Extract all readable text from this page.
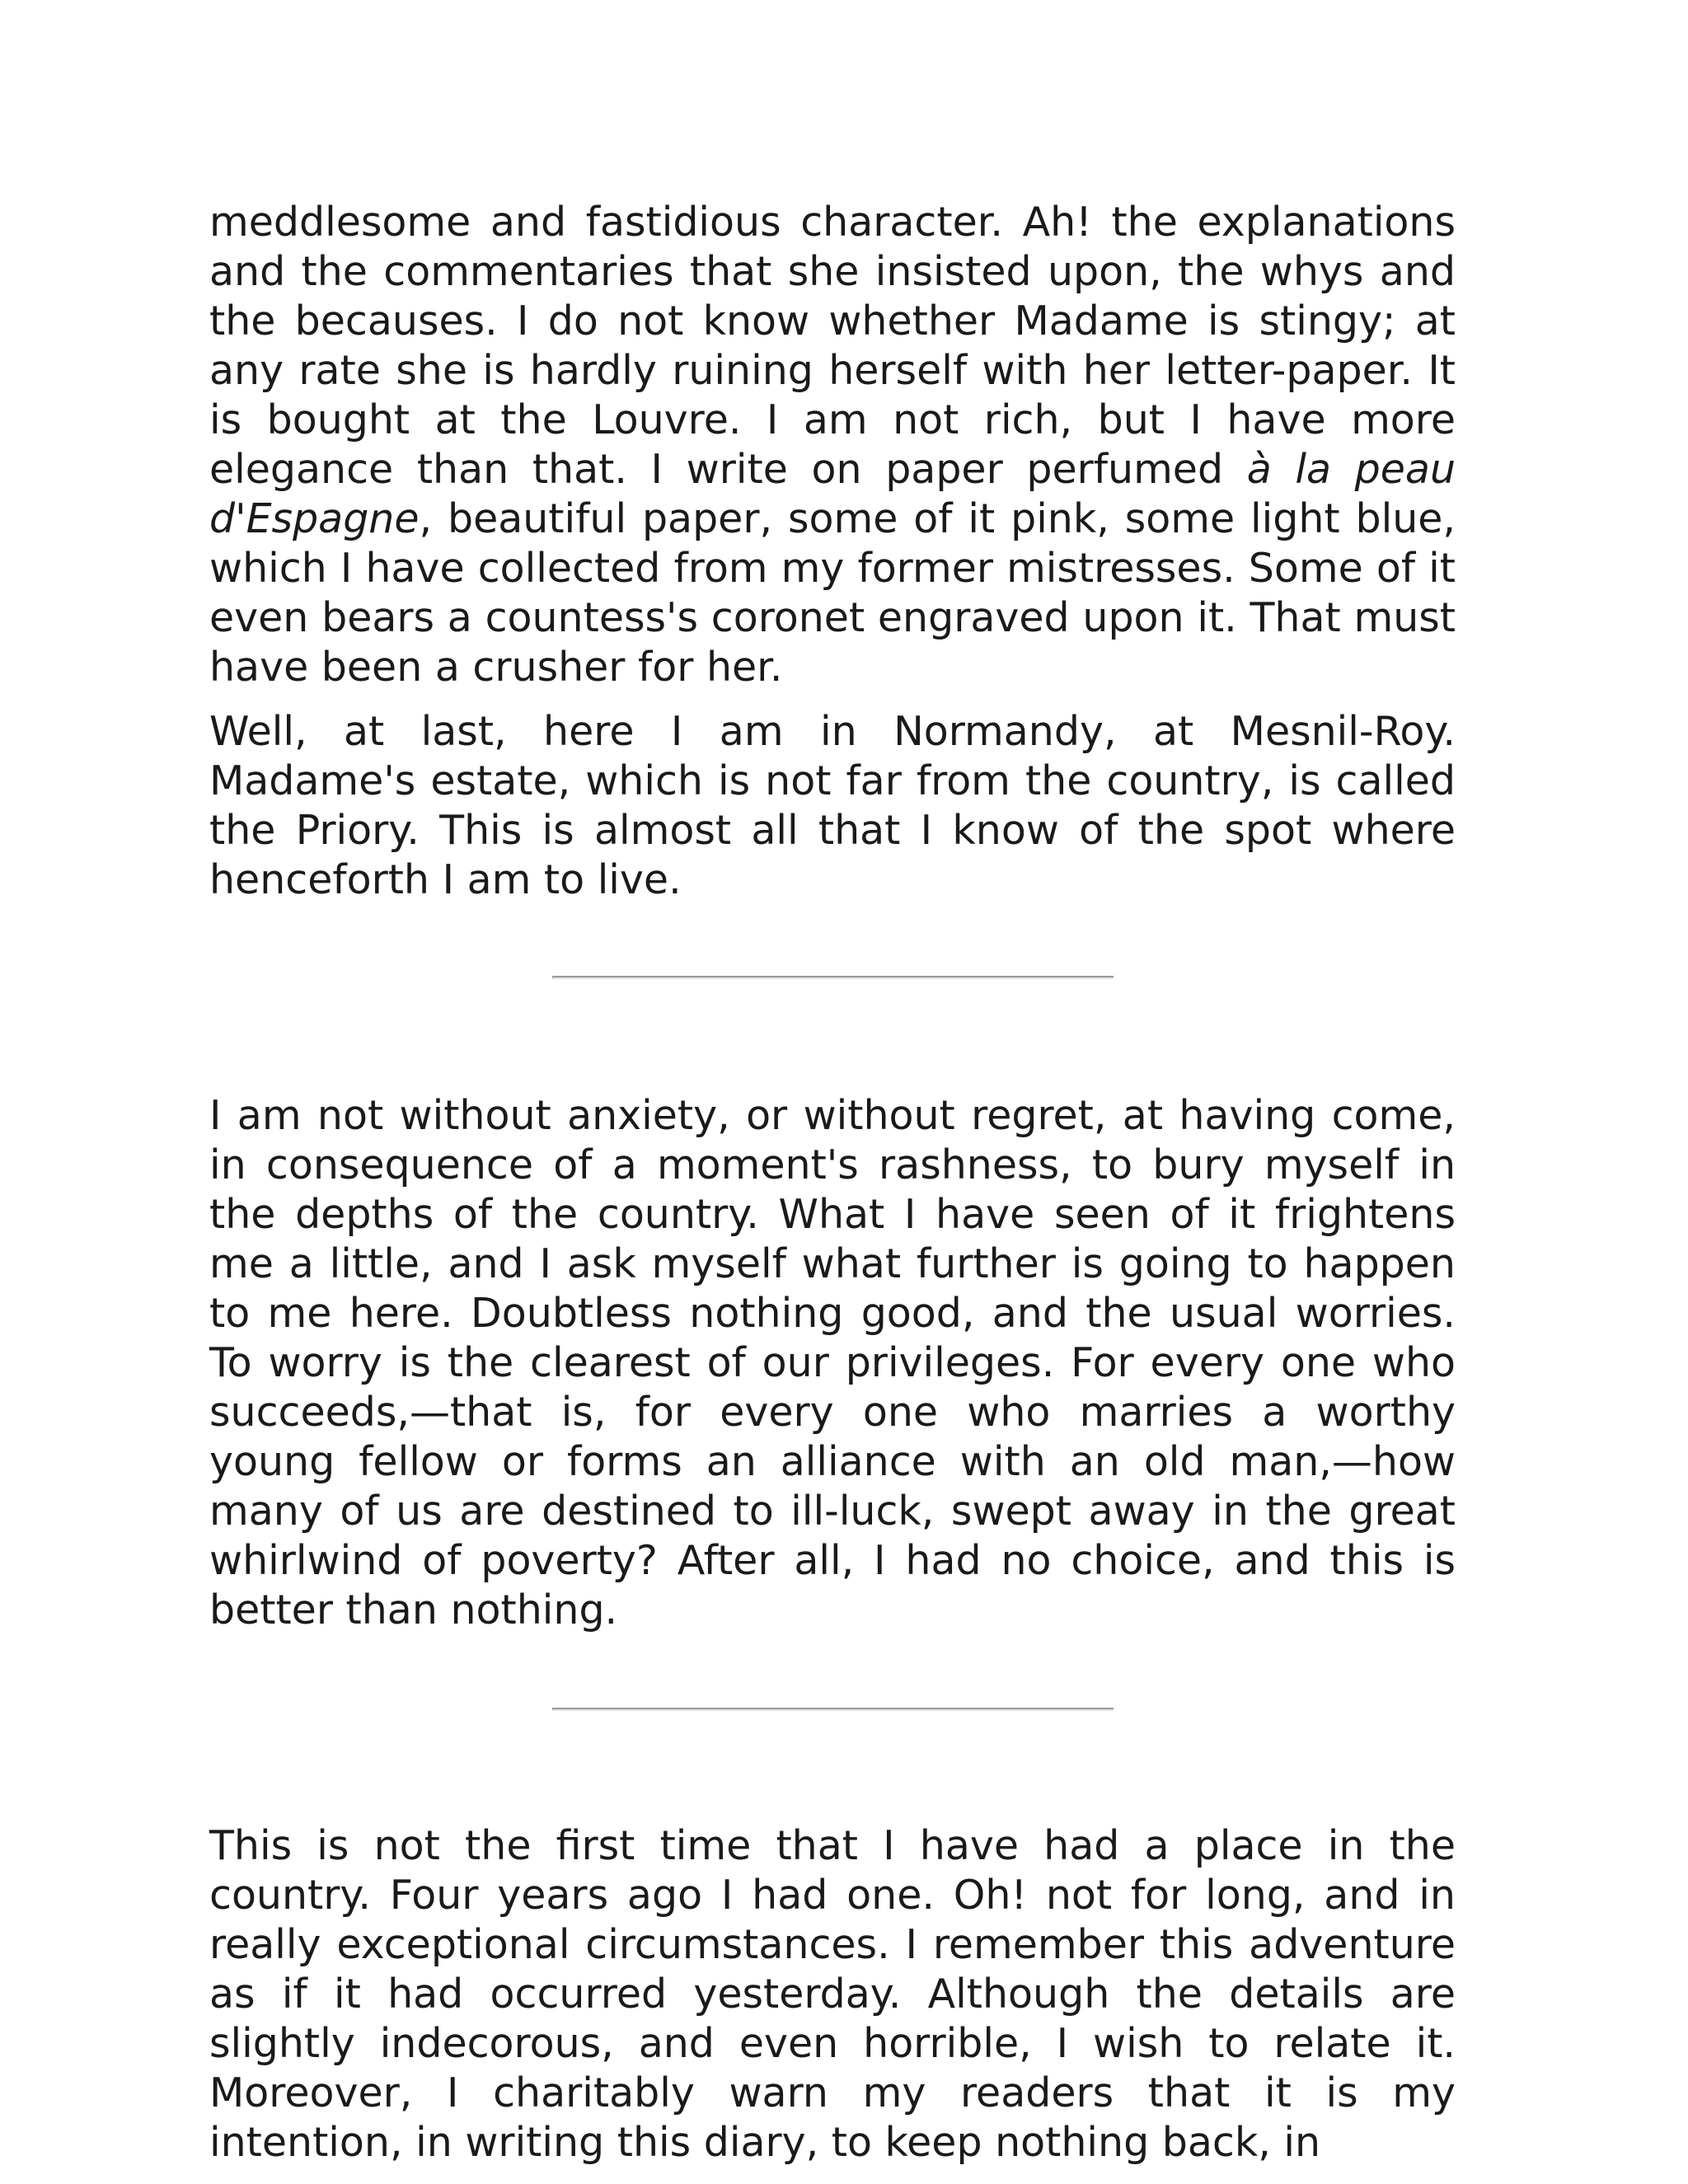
meddlesome and fastidious character. Ah! the explanations and the commentaries that she insisted upon, the whys and the becauses. I do not know whether Madame is stingy; at any rate she is hardly ruining herself with her letter-paper. It is bought at the Louvre. I am not rich, but I have more elegance than that. I write on paper perfumed à la peau d'Espagne, beautiful paper, some of it pink, some light blue, which I have collected from my former mistresses. Some of it even bears a countess's coronet engraved upon it. That must have been a crusher for her.

Well, at last, here I am in Normandy, at Mesnil-Roy. Madame's estate, which is not far from the country, is called the Priory. This is almost all that I know of the spot where henceforth I am to live.

I am not without anxiety, or without regret, at having come, in consequence of a moment's rashness, to bury myself in the depths of the country. What I have seen of it frightens me a little, and I ask myself what further is going to happen to me here. Doubtless nothing good, and the usual worries. To worry is the clearest of our privileges. For every one who succeeds,—that is, for every one who marries a worthy young fellow or forms an alliance with an old man,—how many of us are destined to ill-luck, swept away in the great whirlwind of poverty? After all, I had no choice, and this is better than nothing.

This is not the first time that I have had a place in the country. Four years ago I had one. Oh! not for long, and in really exceptional circumstances. I remember this adventure as if it had occurred yesterday. Although the details are slightly indecorous, and even horrible, I wish to relate it. Moreover, I charitably warn my readers that it is my intention, in writing this diary, to keep nothing back, in
